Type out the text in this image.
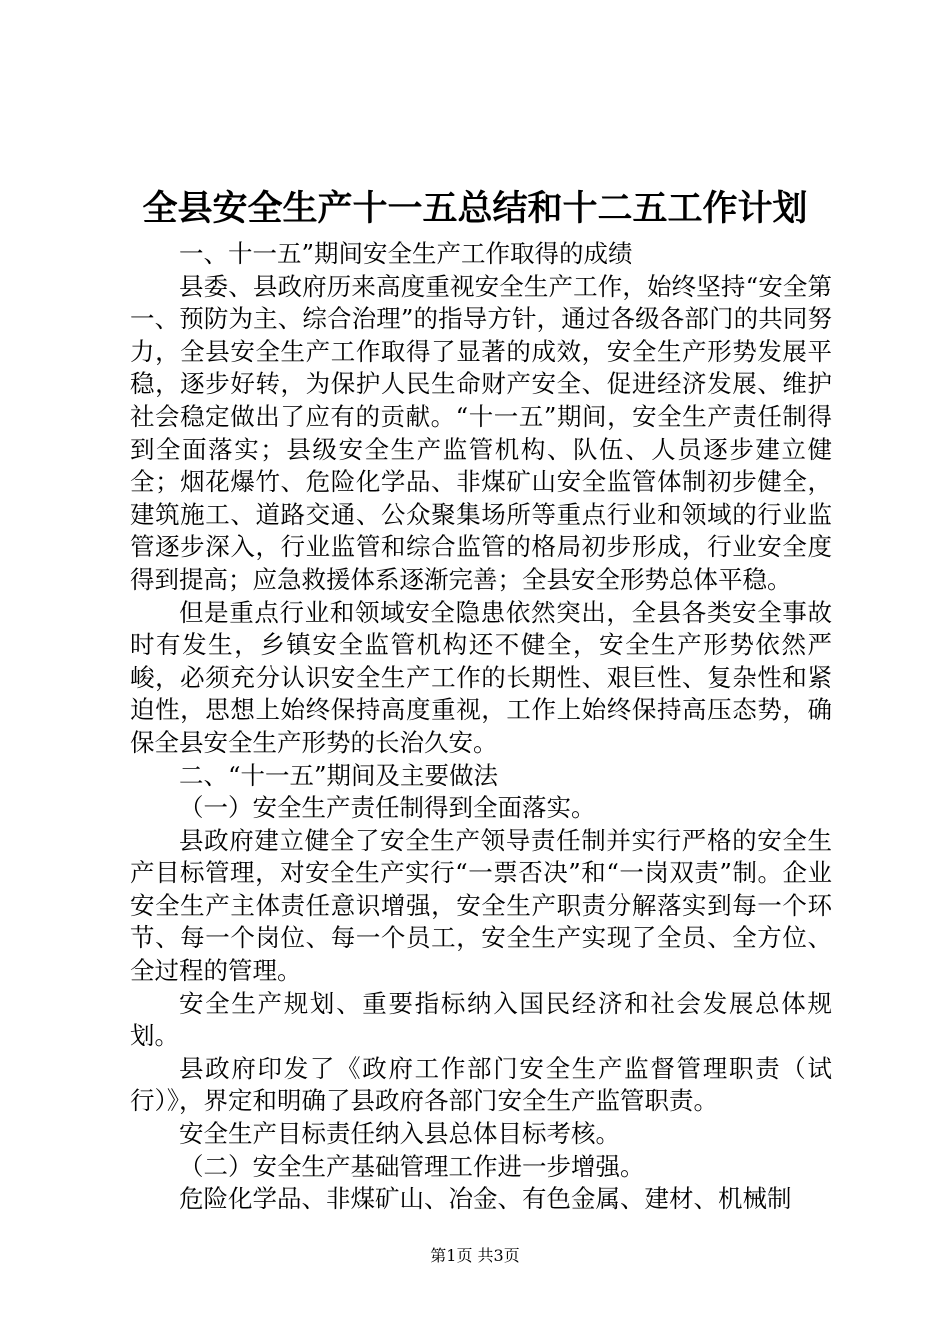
全县安全生产十一五总结和十二五工作计划

一、十一五”期间安全生产工作取得的成绩

县委、县政府历来高度重视安全生产工作，始终坚持“安全第一、预防为主、综合治理”的指导方针，通过各级各部门的共同努力，全县安全生产工作取得了显著的成效，安全生产形势发展平稳，逐步好转，为保护人民生命财产安全、促进经济发展、维护社会稳定做出了应有的贡献。“十一五”期间，安全生产责任制得到全面落实；县级安全生产监管机构、队伍、人员逐步建立健全；烟花爆竹、危险化学品、非煤矿山安全监管体制初步健全，建筑施工、道路交通、公众聚集场所等重点行业和领域的行业监管逐步深入，行业监管和综合监管的格局初步形成，行业安全度得到提高；应急救援体系逐渐完善；全县安全形势总体平稳。

但是重点行业和领域安全隐患依然突出，全县各类安全事故时有发生，乡镇安全监管机构还不健全，安全生产形势依然严峻，必须充分认识安全生产工作的长期性、艰巨性、复杂性和紧迫性，思想上始终保持高度重视，工作上始终保持高压态势，确保全县安全生产形势的长治久安。

二、“十一五”期间及主要做法

（一）安全生产责任制得到全面落实。

县政府建立健全了安全生产领导责任制并实行严格的安全生产目标管理，对安全生产实行“一票否决”和“一岗双责”制。企业安全生产主体责任意识增强，安全生产职责分解落实到每一个环节、每一个岗位、每一个员工，安全生产实现了全员、全方位、全过程的管理。

安全生产规划、重要指标纳入国民经济和社会发展总体规划。

县政府印发了《政府工作部门安全生产监督管理职责（试行）》，界定和明确了县政府各部门安全生产监管职责。

安全生产目标责任纳入县总体目标考核。

（二）安全生产基础管理工作进一步增强。

危险化学品、非煤矿山、冶金、有色金属、建材、机械制

第1页 共3页
